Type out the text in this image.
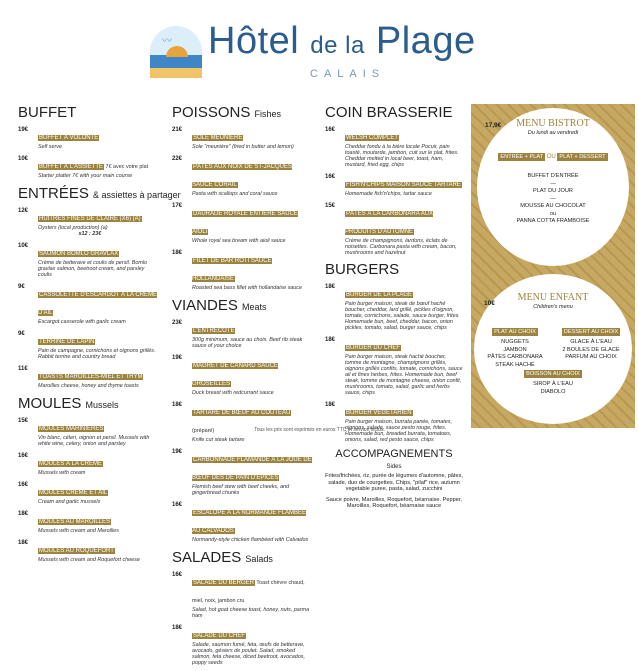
〰 Hôtel de la Plage
CALAIS
BUFFET
19€
BUFFET À VOLONTÉ
Self serve
10€
BUFFET À L'ASSIETTE 7€ avec votre plat
Starter platter 7€ with your main course
ENTRÉES & assiettes à partager
12€
HUÎTRES FINES DE CLAIRE (X6) (A)
Oysters (local production) (a)
x12 : 23€
10€
SAUMON BOMLO GRAVLAX
Crème de betterave et coulis de persil. Bomlo gravlax salmon, beetroot cream, and parsley coulis
9€
CASSOLETTE D'ESCARGOT À LA CRÈME D'AIL
Escargot casserole with garlic cream
9€
TERRINE DE LAPIN
Pain de campagne, cornichons et oignons grillés. Rabbit terrine and country bread
11€
TOASTS MAROILLES-MIEL ET THYM
Maroilles cheese, honey and thyme toasts
MOULES Mussels
15€
MOULES MARINIÈRES
Vin blanc, céleri, oignon et persil. Mussels with white wine, celery, onion and parsley
16€
MOULES À LA CRÈME
Mussels with cream
16€
MOULES CRÈME ET AIL
Cream and garlic mussels
18€
MOULES AU MAROILLES
Mussels with cream and Maroilles
18€
MOULES AU ROQUEFORT
Mussels with cream and Roquefort cheese
POISSONS Fishes
21€
SOLE MEUNIÈRE
Sole "meunière" (fried in butter and lemon)
22€
PÂTES AUX NOIX DE ST-JACQUES SAUCE CORAIL
Pasta with scallops and coral sauce
17€
DAURADE ROYALE ENTIÈRE SAUCE AIOLI
Whole royal sea bream with aioli sauce
18€
FILET DE BAR RÔTI SAUCE HOLLANDAISE
Roasted sea bass fillet with hollandaise sauce
VIANDES Meats
23€
L'ENTRECÔTE
300g minimum, sauce au choix. Beef rib steak sauce of your choice
19€
MAGRET DE CANARD SAUCE GROSEILLES
Duck breast with redcurrant sauce
18€
TARTARE DE BŒUF AU COUTEAU (préparé)
Knife cut steak tartare
19€
CARBONNADE FLAMANDE À LA JOUE DE BŒUF DES DE PAIN D'ÉPICES
Flemish beef stew with beef cheeks, and gingerbread chunks
16€
ESCALOPE À LA NORMANDE FLAMBÉE AU CALVADOS
Normandy-style chicken flambéed with Calvados
SALADES Salads
16€
SALADE DU BERGER Toast chèvre chaud, miel, noix, jambon cru
Salad, hot goat cheese toast, honey, nuts, parma ham
18€
SALADE DU CHEF
Salade, saumon fumé, feta, œufs de betterave, avocado, gésiers de poulet. Salad, smoked salmon, feta cheese, diced beetroot, avocados, poppy seeds
COIN BRASSERIE
16€
WELSH COMPLET
Cheddar fondu à la bière locale Pocuir, pain toasté, moutarde, jambon, cuit sur le plat, frites. Cheddar melted in local beer, toast, ham, mustard, fried egg, chips
16€
FISH'N'CHIPS MAISON SAUCE TARTARE
Homemade fish'n'chips, tartar sauce
15€
PÂTES À LA CARBONARA AUX PRODUITS D'AUTOMNE
Crème de champignons, lardons, éclats de noisettes. Carbonara pasta with cream, bacon, mushrooms and hazelnut
BURGERS
18€
BURGER DE LA PLAGE
Pain burger maison, steak de bœuf haché boucher, cheddar, lard grillé, pickles d'oignon, tomate, cornichons, salade, sauce burger, frites. Homemade bun, beef, cheddar, bacon, onion pickles, tomato, salad, burger sauce, chips
18€
BURGER DU CHEF
Pain burger maison, steak haché boucher, tomme de montagne, champignons grillés, oignons grillés confits, tomate, cornichons, sauce ail et fines herbes, frites. Homemade bun, beef steak, tomme de montagne cheese, onion confit, mushrooms, tomato, salad, garlic and herbs sauce, chips
18€
BURGER VÉGÉTARIEN
Pain burger maison, burrata panée, tomates, oignons, salade, sauce pesto rouge, frites. Homemade bun, breaded burrata, tomatoes, onions, salad, red pesto sauce, chips
ACCOMPAGNEMENTS
Sides
Frites/frichées, riz, purée de légumes d'automne, pâtes, salade, duo de courgettes. Chips, "pilaf" rice, autumn vegetable puree, pasta, salad, zucchini
Sauce poivre, Maroilles, Roquefort, béarnaise. Pepper, Maroilles, Roquefort, béarnaise sauce
17,9€	MENU BISTROT
Du lundi au vendredi
ENTRÉE + PLAT OU PLAT + DESSERT
BUFFET D'ENTRÉE
—
PLAT DU JOUR
—
MOUSSE AU CHOCOLAT
ou
PANNA COTTA FRAMBOISE
10€
MENU ENFANT
Children's menu
PLAT AU CHOIX
NUGGETS
JAMBON
PÂTES CARBONARA
STEAK HACHÉ
DESSERT AU CHOIX
GLACE À L'EAU
2 BOULES DE GLACE
PARFUM AU CHOIX
BOISSON AU CHOIX
SIROP À L'EAU
DIABOLO
Tous les prix sont exprimés en euros TTC et service inclus.
